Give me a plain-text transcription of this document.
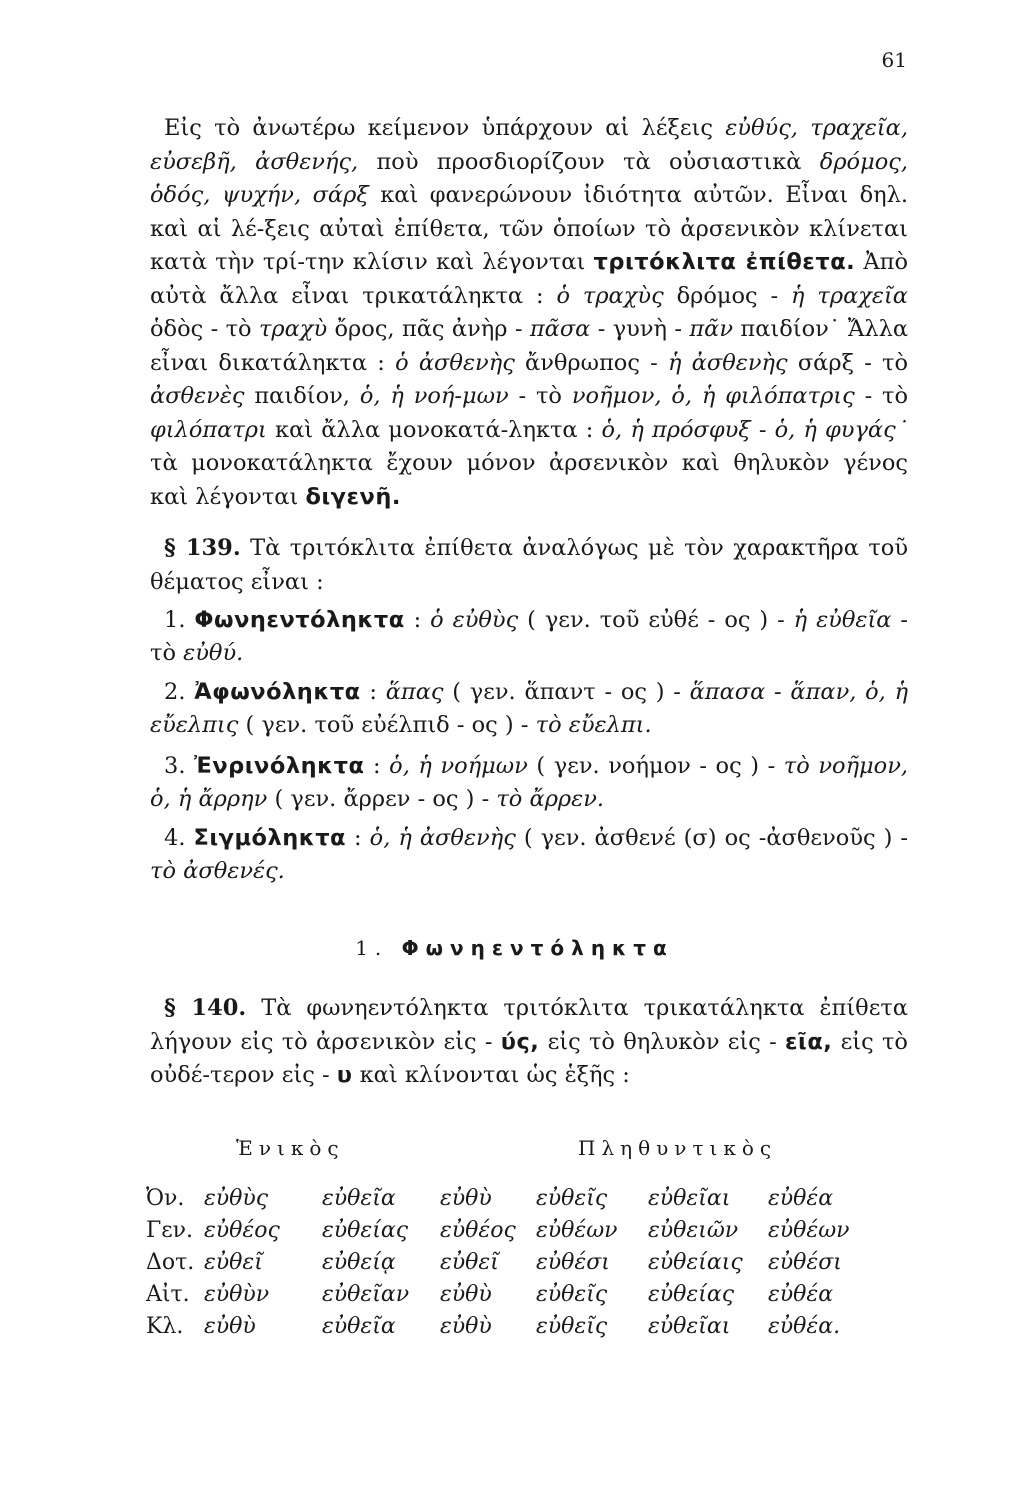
61
Εἰς τὸ ἀνωτέρω κείμενον ὑπάρχουν αἱ λέξεις εὐθύς, τραχεῖα, εὐσεβῆ, ἀσθενής, ποὺ προσδιορίζουν τὰ οὐσιαστικὰ δρόμος, ὁδός, ψυχήν, σάρξ καὶ φανερώνουν ἰδιότητα αὐτῶν. Εἶναι δηλ. καὶ αἱ λέ-ξεις αὐταὶ ἐπίθετα, τῶν ὁποίων τὸ ἀρσενικὸν κλίνεται κατὰ τὴν τρί-την κλίσιν καὶ λέγονται τριτόκλιτα ἐπίθετα. Ἀπὸ αὐτὰ ἄλλα εἶναι τρικατάληκτα : ὁ τραχὺς δρόμος - ἡ τραχεῖα ὁδὸς - τὸ τραχὺ ὄρος, πᾶς ἀνὴρ - πᾶσα - γυνὴ - πᾶν παιδίον˙ Ἄλλα εἶναι δικατάληκτα : ὁ ἀσθενὴς ἄνθρωπος - ἡ ἀσθενὴς σάρξ - τὸ ἀσθενὲς παιδίον, ὁ, ἡ νοή-μων - τὸ νοῆμον, ὁ, ἡ φιλόπατρις - τὸ φιλόπατρι καὶ ἄλλα μονοκατά-ληκτα : ὁ, ἡ πρόσφυξ - ὁ, ἡ φυγάς˙ τὰ μονοκατάληκτα ἔχουν μόνον ἀρσενικὸν καὶ θηλυκὸν γένος καὶ λέγονται διγενῆ.
§ 139. Τὰ τριτόκλιτα ἐπίθετα ἀναλόγως μὲ τὸν χαρακτῆρα τοῦ θέματος εἶναι :
1. Φωνηεντόληκτα : ὁ εὐθὺς ( γεν. τοῦ εὐθέ - ος ) - ἡ εὐθεῖα - τὸ εὐθύ.
2. Ἀφωνόληκτα : ἅπας ( γεν. ἅπαντ - ος ) - ἅπασα - ἅπαν, ὁ, ἡ εὔελπις ( γεν. τοῦ εὐέλπιδ - ος ) - τὸ εὔελπι.
3. Ἐνρινόληκτα : ὁ, ἡ νοήμων ( γεν. νοήμον - ος ) - τὸ νοῆμον, ὁ, ἡ ἄρρην ( γεν. ἄρρεν - ος ) - τὸ ἄρρεν.
4. Σιγμόληκτα : ὁ, ἡ ἀσθενὴς ( γεν. ἀσθενέ (σ) ος -ἀσθενοῦς ) - τὸ ἀσθενές.
1. Φωνηεντόληκτα
§ 140. Τὰ φωνηεντόληκτα τριτόκλιτα τρικατάληκτα ἐπίθετα λήγουν εἰς τὸ ἀρσενικὸν εἰς - ύς, εἰς τὸ θηλυκὸν εἰς - εῖα, εἰς τὸ οὐδέ-τερον εἰς - υ καὶ κλίνονται ὡς ἑξῆς :
Ἑνικὸς	Πληθυντικὸς
Ὀν.	εὐθὺς	εὐθεῖα	εὐθὺ	εὐθεῖς	εὐθεῖαι	εὐθέα
Γεν.	εὐθέος	εὐθείας	εὐθέος	εὐθέων	εὐθειῶν	εὐθέων
Δοτ.	εὐθεῖ	εὐθείᾳ	εὐθεῖ	εὐθέσι	εὐθείαις	εὐθέσι
Αἰτ.	εὐθὺν	εὐθεῖαν	εὐθὺ	εὐθεῖς	εὐθείας	εὐθέα
Κλ.	εὐθὺ	εὐθεῖα	εὐθὺ	εὐθεῖς	εὐθεῖαι	εὐθέα.
